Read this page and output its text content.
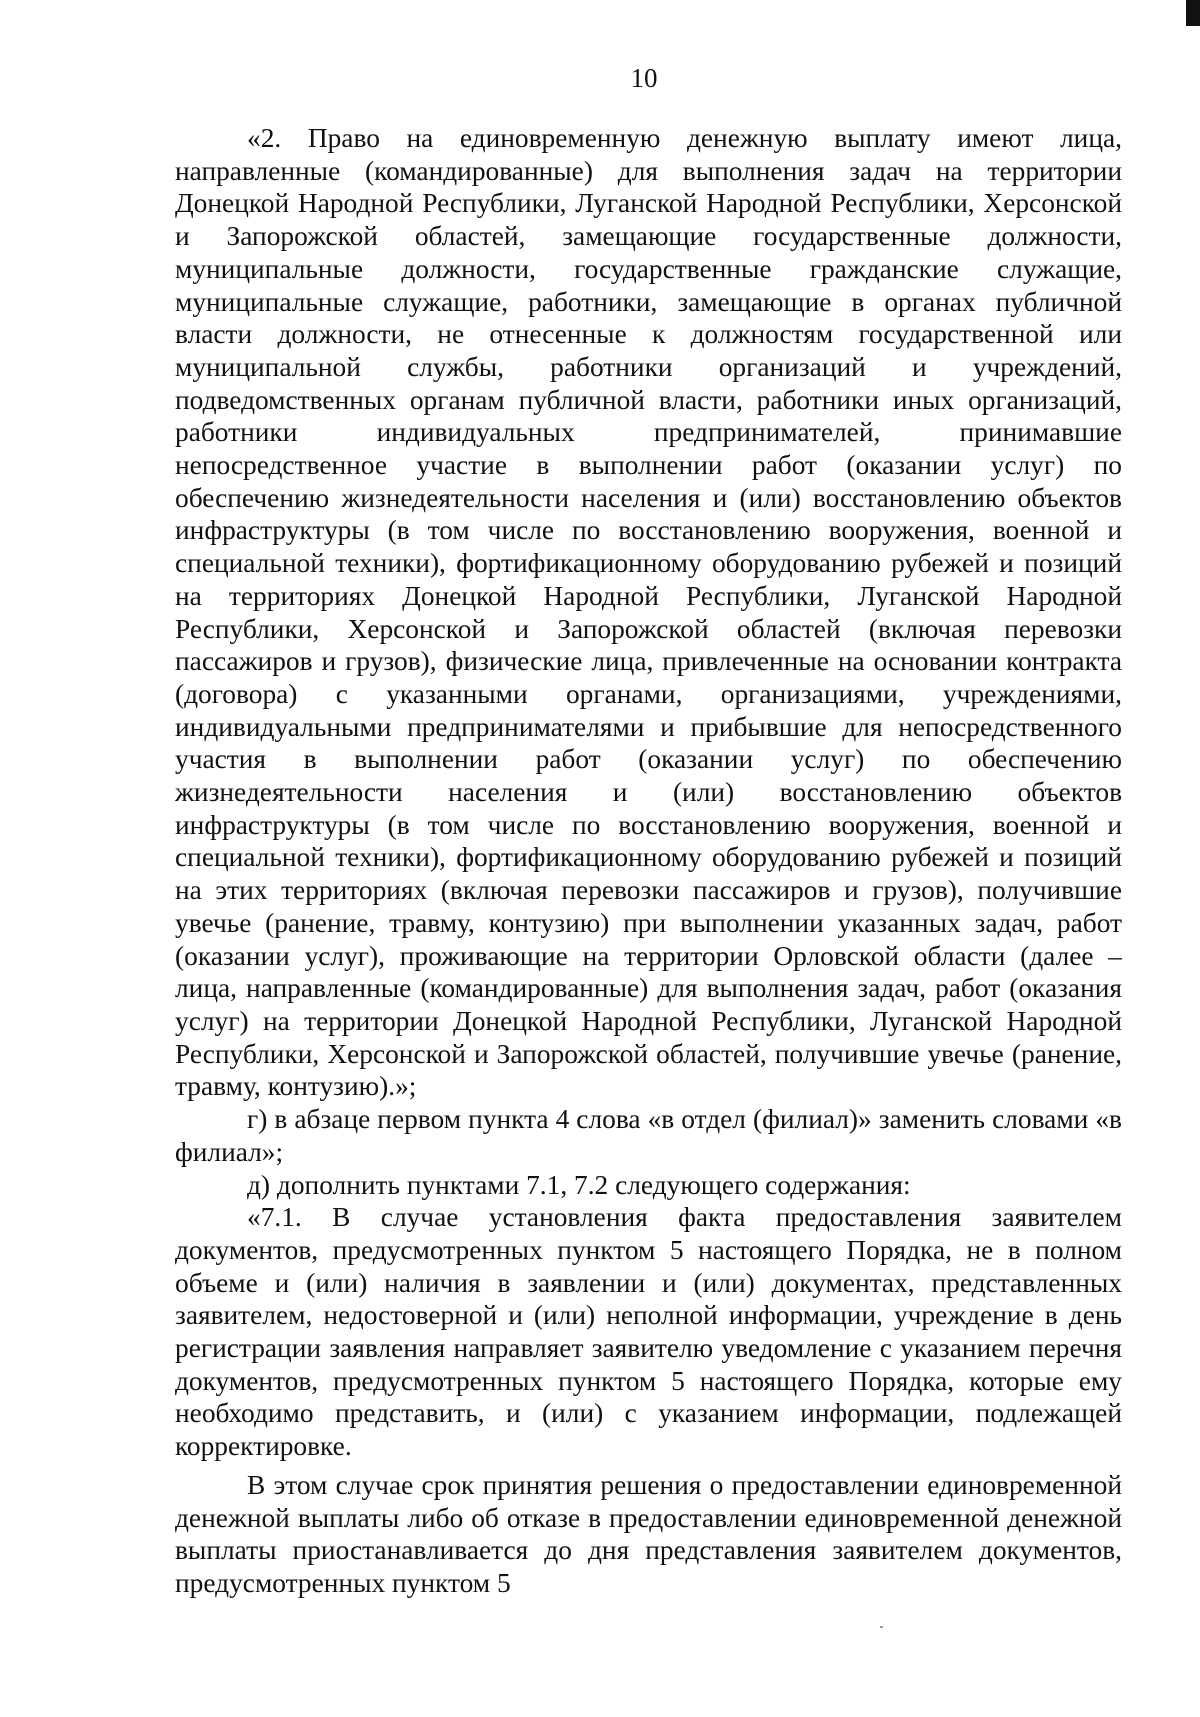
10

«2. Право на единовременную денежную выплату имеют лица, направленные (командированные) для выполнения задач на территории Донецкой Народной Республики, Луганской Народной Республики, Херсонской и Запорожской областей, замещающие государственные должности, муниципальные должности, государственные гражданские служащие, муниципальные служащие, работники, замещающие в органах публичной власти должности, не отнесенные к должностям государственной или муниципальной службы, работники организаций и учреждений, подведомственных органам публичной власти, работники иных организаций, работники индивидуальных предпринимателей, принимавшие непосредственное участие в выполнении работ (оказании услуг) по обеспечению жизнедеятельности населения и (или) восстановлению объектов инфраструктуры (в том числе по восстановлению вооружения, военной и специальной техники), фортификационному оборудованию рубежей и позиций на территориях Донецкой Народной Республики, Луганской Народной Республики, Херсонской и Запорожской областей (включая перевозки пассажиров и грузов), физические лица, привлеченные на основании контракта (договора) с указанными органами, организациями, учреждениями, индивидуальными предпринимателями и прибывшие для непосредственного участия в выполнении работ (оказании услуг) по обеспечению жизнедеятельности населения и (или) восстановлению объектов инфраструктуры (в том числе по восстановлению вооружения, военной и специальной техники), фортификационному оборудованию рубежей и позиций на этих территориях (включая перевозки пассажиров и грузов), получившие увечье (ранение, травму, контузию) при выполнении указанных задач, работ (оказании услуг), проживающие на территории Орловской области (далее – лица, направленные (командированные) для выполнения задач, работ (оказания услуг) на территории Донецкой Народной Республики, Луганской Народной Республики, Херсонской и Запорожской областей, получившие увечье (ранение, травму, контузию).»;

г) в абзаце первом пункта 4 слова «в отдел (филиал)» заменить словами «в филиал»;

д) дополнить пунктами 7.1, 7.2 следующего содержания:

«7.1. В случае установления факта предоставления заявителем документов, предусмотренных пунктом 5 настоящего Порядка, не в полном объеме и (или) наличия в заявлении и (или) документах, представленных заявителем, недостоверной и (или) неполной информации, учреждение в день регистрации заявления направляет заявителю уведомление с указанием перечня документов, предусмотренных пунктом 5 настоящего Порядка, которые ему необходимо представить, и (или) с указанием информации, подлежащей корректировке.

В этом случае срок принятия решения о предоставлении единовременной денежной выплаты либо об отказе в предоставлении единовременной денежной выплаты приостанавливается до дня представления заявителем документов, предусмотренных пунктом 5
